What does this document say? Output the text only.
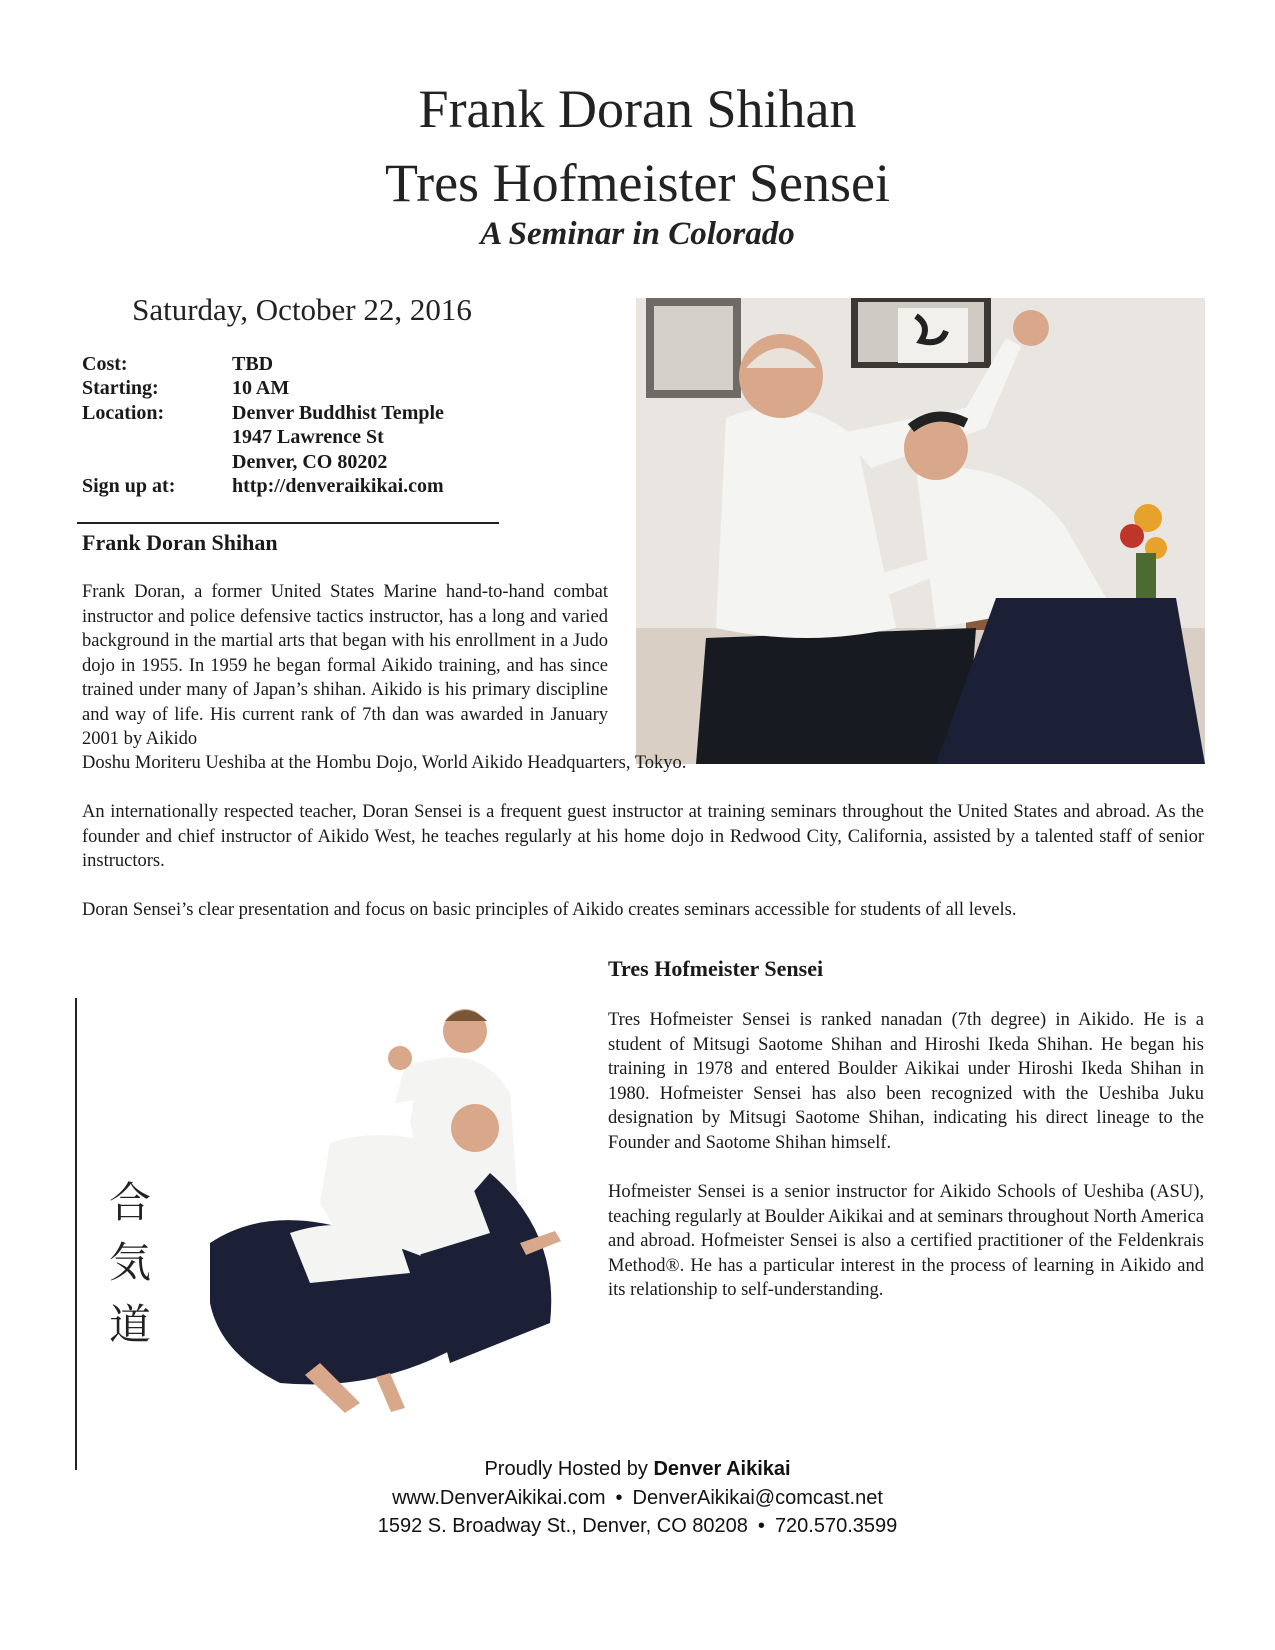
Frank Doran Shihan
Tres Hofmeister Sensei
A Seminar in Colorado
Saturday, October 22, 2016
Cost:	TBD
Starting:	10 AM
Location:	Denver Buddhist Temple
1947 Lawrence St
Denver, CO 80202
Sign up at:	http://denveraikikai.com
Frank Doran Shihan
Frank Doran, a former United States Marine hand-to-hand combat instructor and police defensive tactics instructor, has a long and varied background in the martial arts that began with his enrollment in a Judo dojo in 1955. In 1959 he began formal Aikido training, and has since trained under many of Japan’s shihan. Aikido is his primary discipline and way of life. His current rank of 7th dan was awarded in January 2001 by Aikido
Doshu Moriteru Ueshiba at the Hombu Dojo, World Aikido Headquarters, Tokyo.
An internationally respected teacher, Doran Sensei is a frequent guest instructor at training seminars throughout the United States and abroad. As the founder and chief instructor of Aikido West, he teaches regularly at his home dojo in Redwood City, California, assisted by a talented staff of senior instructors.
Doran Sensei’s clear presentation and focus on basic principles of Aikido creates seminars accessible for students of all levels.
合
気
道
Tres Hofmeister Sensei
Tres Hofmeister Sensei is ranked nanadan (7th degree) in Aikido. He is a student of Mitsugi Saotome Shihan and Hiroshi Ikeda Shihan. He began his training in 1978 and entered Boulder Aikikai under Hiroshi Ikeda Shihan in 1980. Hofmeister Sensei has also been recognized with the Ueshiba Juku designation by Mitsugi Saotome Shihan, indicating his direct lineage to the Founder and Saotome Shihan himself.
Hofmeister Sensei is a senior instructor for Aikido Schools of Ueshiba (ASU), teaching regularly at Boulder Aikikai and at seminars throughout North America and abroad. Hofmeister Sensei is also a certified practitioner of the Feldenkrais Method®. He has a particular interest in the process of learning in Aikido and its relationship to self-understanding.
Proudly Hosted by Denver Aikikai
www.DenverAikikai.com • DenverAikikai@comcast.net
1592 S. Broadway St., Denver, CO 80208 • 720.570.3599
